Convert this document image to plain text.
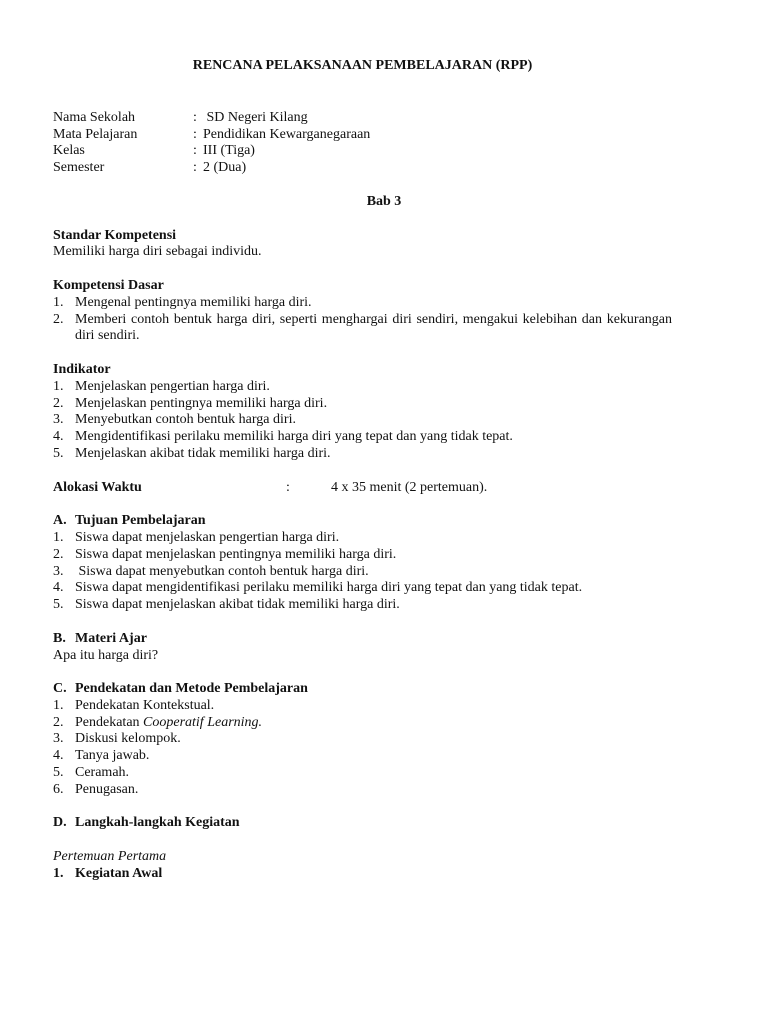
RENCANA PELAKSANAAN PEMBELAJARAN (RPP)
Nama Sekolah	: SD Negeri Kilang
Mata Pelajaran	: Pendidikan Kewarganegaraan
Kelas	: III (Tiga)
Semester	: 2 (Dua)
Bab 3
Standar Kompetensi
Memiliki harga diri sebagai individu.
Kompetensi Dasar
1. Mengenal pentingnya memiliki harga diri.
2. Memberi contoh bentuk harga diri, seperti menghargai diri sendiri, mengakui kelebihan dan kekurangan diri sendiri.
Indikator
1. Menjelaskan pengertian harga diri.
2. Menjelaskan pentingnya memiliki harga diri.
3. Menyebutkan contoh bentuk harga diri.
4. Mengidentifikasi perilaku memiliki harga diri yang tepat dan yang tidak tepat.
5. Menjelaskan akibat tidak memiliki harga diri.
Alokasi Waktu	:	4 x 35 menit (2 pertemuan).
A. Tujuan Pembelajaran
1. Siswa dapat menjelaskan pengertian harga diri.
2. Siswa dapat menjelaskan pentingnya memiliki harga diri.
3. Siswa dapat menyebutkan contoh bentuk harga diri.
4. Siswa dapat mengidentifikasi perilaku memiliki harga diri yang tepat dan yang tidak tepat.
5. Siswa dapat menjelaskan akibat tidak memiliki harga diri.
B. Materi Ajar
Apa itu harga diri?
C. Pendekatan dan Metode Pembelajaran
1. Pendekatan Kontekstual.
2. Pendekatan Cooperatif Learning.
3. Diskusi kelompok.
4. Tanya jawab.
5. Ceramah.
6. Penugasan.
D. Langkah-langkah Kegiatan
Pertemuan Pertama
1. Kegiatan Awal
